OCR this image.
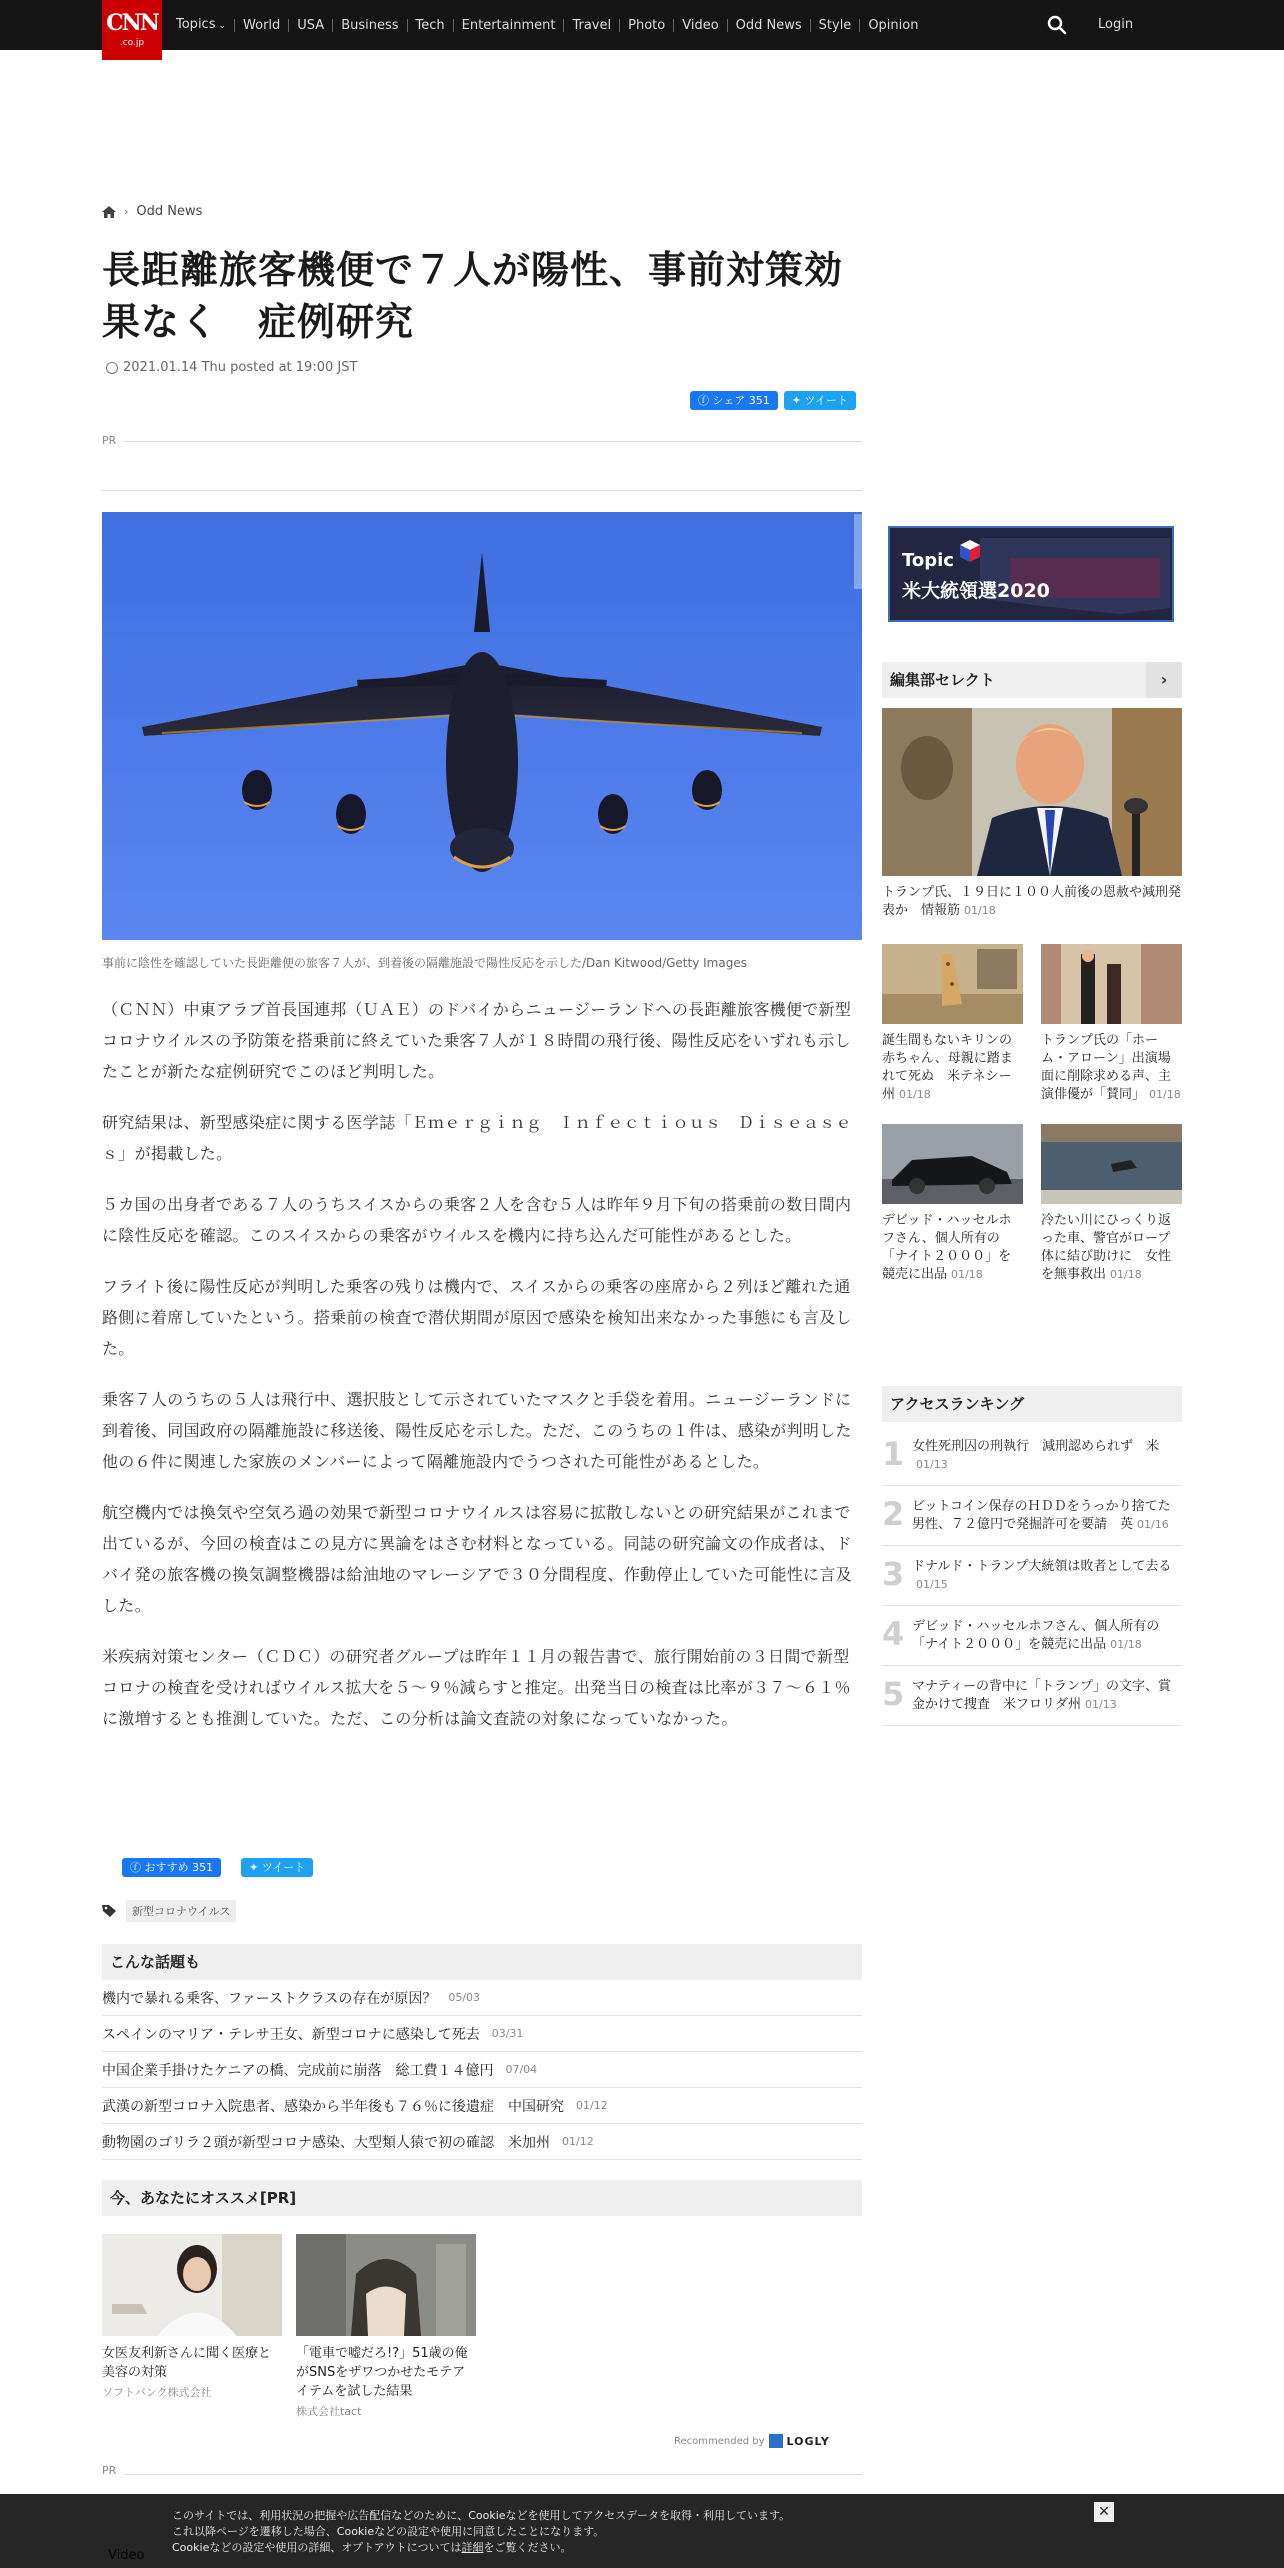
CNN
.co.jp
Topics ⌄	World	USA	Business	Tech	Entertainment	Travel	Photo	Video	Odd News	Style	Opinion	Login
› Odd News
長距離旅客機便で７人が陽性、事前対策効果なく　症例研究
2021.01.14 Thu posted at 19:00 JST
ⓕ シェア 351	✦ ツイート
PR
事前に陰性を確認していた長距離便の旅客７人が、到着後の隔離施設で陽性反応を示した/Dan Kitwood/Getty Images

（ＣＮＮ）中東アラブ首長国連邦（ＵＡＥ）のドバイからニュージーランドへの長距離旅客機便で新型コロナウイルスの予防策を搭乗前に終えていた乗客７人が１８時間の飛行後、陽性反応をいずれも示したことが新たな症例研究でこのほど判明した。

研究結果は、新型感染症に関する医学誌「Ｅｍｅｒｇｉｎｇ　Ｉｎｆｅｃｔｉｏｕｓ　Ｄｉｓｅａｓｅｓ」が掲載した。

５カ国の出身者である７人のうちスイスからの乗客２人を含む５人は昨年９月下旬の搭乗前の数日間内に陰性反応を確認。このスイスからの乗客がウイルスを機内に持ち込んだ可能性があるとした。

フライト後に陽性反応が判明した乗客の残りは機内で、スイスからの乗客の座席から２列ほど離れた通路側に着席していたという。搭乗前の検査で潜伏期間が原因で感染を検知出来なかった事態にも言及した。

乗客７人のうちの５人は飛行中、選択肢として示されていたマスクと手袋を着用。ニュージーランドに到着後、同国政府の隔離施設に移送後、陽性反応を示した。ただ、このうちの１件は、感染が判明した他の６件に関連した家族のメンバーによって隔離施設内でうつされた可能性があるとした。

航空機内では換気や空気ろ過の効果で新型コロナウイルスは容易に拡散しないとの研究結果がこれまで出ているが、今回の検査はこの見方に異論をはさむ材料となっている。同誌の研究論文の作成者は、ドバイ発の旅客機の換気調整機器は給油地のマレーシアで３０分間程度、作動停止していた可能性に言及した。

米疾病対策センター（ＣＤＣ）の研究者グループは昨年１１月の報告書で、旅行開始前の３日間で新型コロナの検査を受ければウイルス拡大を５～９％減らすと推定。出発当日の検査は比率が３７～６１％に激増するとも推測していた。ただ、この分析は論文査読の対象になっていなかった。

ⓕ おすすめ 351	✦ ツイート
新型コロナウイルス
こんな話題も
機内で暴れる乗客、ファーストクラスの存在が原因？ 05/03
スペインのマリア・テレサ王女、新型コロナに感染して死去 03/31
中国企業手掛けたケニアの橋、完成前に崩落　総工費１４億円 07/04
武漢の新型コロナ入院患者、感染から半年後も７６％に後遺症　中国研究 01/12
動物園のゴリラ２頭が新型コロナ感染、大型類人猿で初の確認　米加州 01/12
今、あなたにオススメ[PR]
女医友利新さんに聞く医療と美容の対策
ソフトバンク株式会社
「電車で嘘だろ!?」51歳の俺がSNSをザワつかせたモテアイテムを試した結果
株式会社tact
Recommended by LOGLY
PR
Topic
米大統領選2020
編集部セレクト	›
トランプ氏、１９日に１００人前後の恩赦や減刑発表か　情報筋 01/18
誕生間もないキリンの赤ちゃん、母親に踏まれて死ぬ　米テネシー州 01/18
トランプ氏の「ホーム・アローン」出演場面に削除求める声、主演俳優が「賛同」 01/18
デビッド・ハッセルホフさん、個人所有の「ナイト２０００」を競売に出品 01/18
冷たい川にひっくり返った車、警官がロープ体に結び助けに　女性を無事救出 01/18
アクセスランキング
1 女性死刑囚の刑執行　減刑認められず　米
01/13
2 ビットコイン保存のＨＤＤをうっかり捨てた男性、７２億円で発掘許可を要請　英 01/16
3 ドナルド・トランプ大統領は敗者として去る
01/15
4 デビッド・ハッセルホフさん、個人所有の「ナイト２０００」を競売に出品 01/18
5 マナティーの背中に「トランプ」の文字、賞金かけて捜査　米フロリダ州 01/13
このサイトでは、利用状況の把握や広告配信などのために、Cookieなどを使用してアクセスデータを取得・利用しています。
これ以降ページを遷移した場合、Cookieなどの設定や使用に同意したことになります。
Cookieなどの設定や使用の詳細、オプトアウトについては詳細をご覧ください。
✕
